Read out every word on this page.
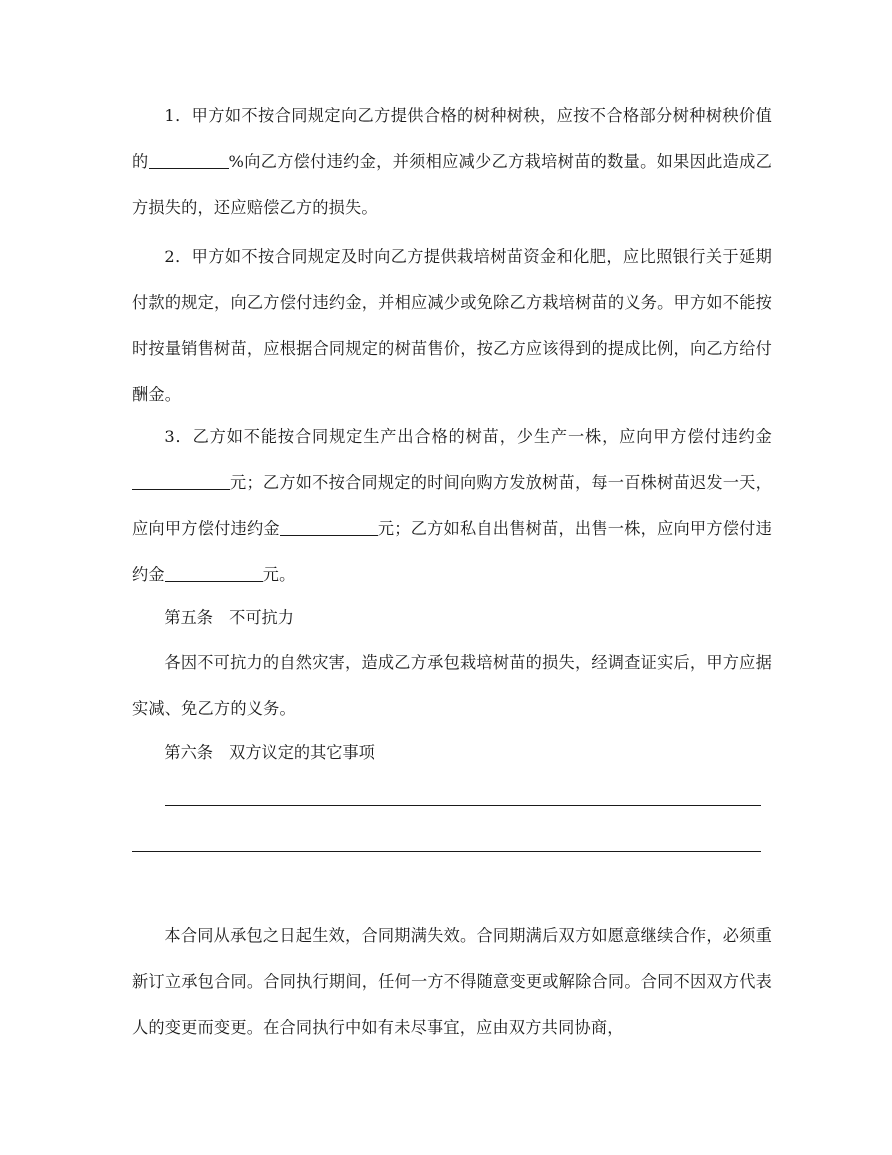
1．甲方如不按合同规定向乙方提供合格的树种树秧，应按不合格部分树种树秧价值的	%向乙方偿付违约金，并须相应减少乙方栽培树苗的数量。如果因此造成乙方损失的，还应赔偿乙方的损失。

2．甲方如不按合同规定及时向乙方提供栽培树苗资金和化肥，应比照银行关于延期付款的规定，向乙方偿付违约金，并相应减少或免除乙方栽培树苗的义务。甲方如不能按时按量销售树苗，应根据合同规定的树苗售价，按乙方应该得到的提成比例，向乙方给付酬金。

3．乙方如不能按合同规定生产出合格的树苗，少生产一株，应向甲方偿付违约金元；乙方如不按合同规定的时间向购方发放树苗，每一百株树苗迟发一天，应向甲方偿付违约金	元；乙方如私自出售树苗，出售一株，应向甲方偿付违约金	元。

第五条　不可抗力

各因不可抗力的自然灾害，造成乙方承包栽培树苗的损失，经调查证实后，甲方应据实减、免乙方的义务。

第六条　双方议定的其它事项

本合同从承包之日起生效，合同期满失效。合同期满后双方如愿意继续合作，必须重新订立承包合同。合同执行期间，任何一方不得随意变更或解除合同。合同不因双方代表人的变更而变更。在合同执行中如有未尽事宜，应由双方共同协商，
